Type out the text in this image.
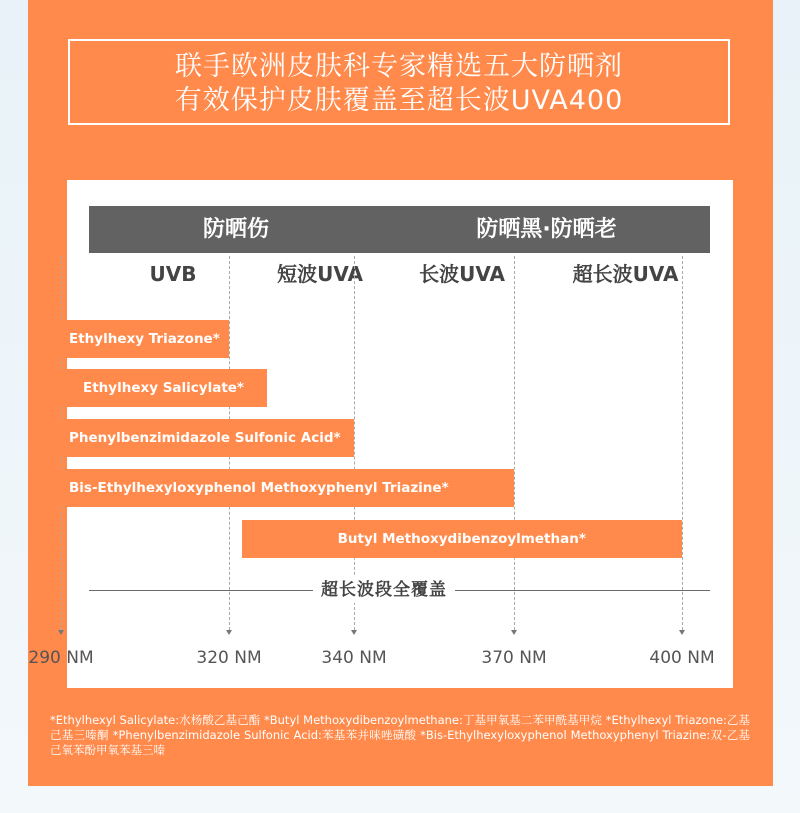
联手欧洲皮肤科专家精选五大防晒剂
有效保护皮肤覆盖至超长波UVA400
防晒伤	防晒黑·防晒老
UVB	短波UVA	长波UVA	超长波UVA
Ethylhexy Triazone*
Ethylhexy Salicylate*
Phenylbenzimidazole Sulfonic Acid*
Bis-Ethylhexyloxyphenol Methoxyphenyl Triazine*
Butyl Methoxydibenzoylmethan*
超长波段全覆盖
290 NM	320 NM	340 NM	370 NM	400 NM
*Ethylhexyl Salicylate:水杨酸乙基己酯 *Butyl Methoxydibenzoylmethane:丁基甲氧基二苯甲酰基甲烷 *Ethylhexyl Triazone:乙基己基三嗪酮 *Phenylbenzimidazole Sulfonic Acid:苯基苯并咪唑磺酸 *Bis-Ethylhexyloxyphenol Methoxyphenyl Triazine:双-乙基己氧苯酚甲氧苯基三嗪
